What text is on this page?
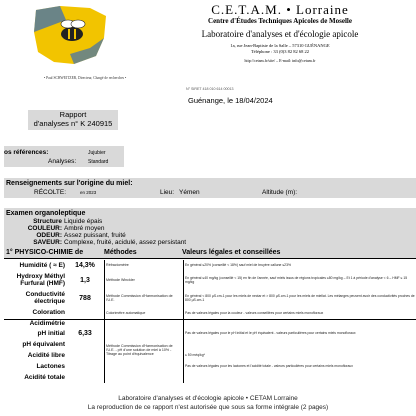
C.E.T.A.M. • Lorraine
Centre d'Études Techniques Apicoles de Moselle
Laboratoire d'analyses et d'écologie apicole
1a, rue Jean-Baptiste de la Salle – 57310 GUÉNANGE
Téléphone : 33 (0)3 82 82 68 22
http://cetam.fr/site/ – E-mail: info@cetam.fr
• Paul SCHWEITZER, Directeur, Chargé de recherches •
N° SIRET 418 010 614 00013
Guénange, le 18/04/2024
Rapport
d'analyses n° K 240915
os références:	Jujubier
Analyses: Standard
Renseignements sur l'origine du miel:
RÉCOLTE:	en 2023	Lieu: Yémen	Altitude (m):
Examen organoleptique
Structure Liquide épais
COULEUR: Ambré moyen
ODEUR: Assez puissant, fruité
SAVEUR: Complexe, fruité, acidulé, assez persistant
1° PHYSICO-CHIMIE de	Méthodes	Valeurs légales et conseillées
Humidité ( ≈ E)	14,3%	Réfractomètre	En général ≤20% (conseillé < 18%) sauf miel de bruyère callune ≤23%
Hydroxy Méthyl Furfural (HMF)	1,3	Méthode Winckler	En général ≤40 mg/kg (conseillé < 15) en fin de l'année, sauf miels issus de régions tropicales ≤80 mg/kg – Et 1 à période d'analyse < 6 – HMF ≤ 15 mg/kg
Conductivité électrique	788	Méthode Commission d'Harmonisation de l'U.E.	En général < 800 µS.cm-1 pour les miels de nectar et > 800 µS.cm-1 pour les miels de miellat. Les mélanges peuvent avoir des conductivités proches de 800 µS.cm-1
Coloration		Colorimètre automatique	Pas de valeurs légales pour la couleur - valeurs conseillées pour certains miels monofloraux
Acidimétrie			
pH initial	6,33		Pas de valeurs légales pour le pH initial et le pH équivalent - valeurs particulières pour certains miels monofloraux
pH équivalent		Méthode Commission d'Harmonisation de l'U.E. - pH d'une solution de miel à 10% - Titrage au point d'équivalence	
Acidité libre			≤ 50 méq/kg*
Lactones			Pas de valeurs légales pour les lactones et l'acidité totale - valeurs particulières pour certains miels monofloraux
Acidité totale			
Laboratoire d'analyses et d'écologie apicole • CETAM Lorraine
La reproduction de ce rapport n'est autorisée que sous sa forme intégrale (2 pages)
